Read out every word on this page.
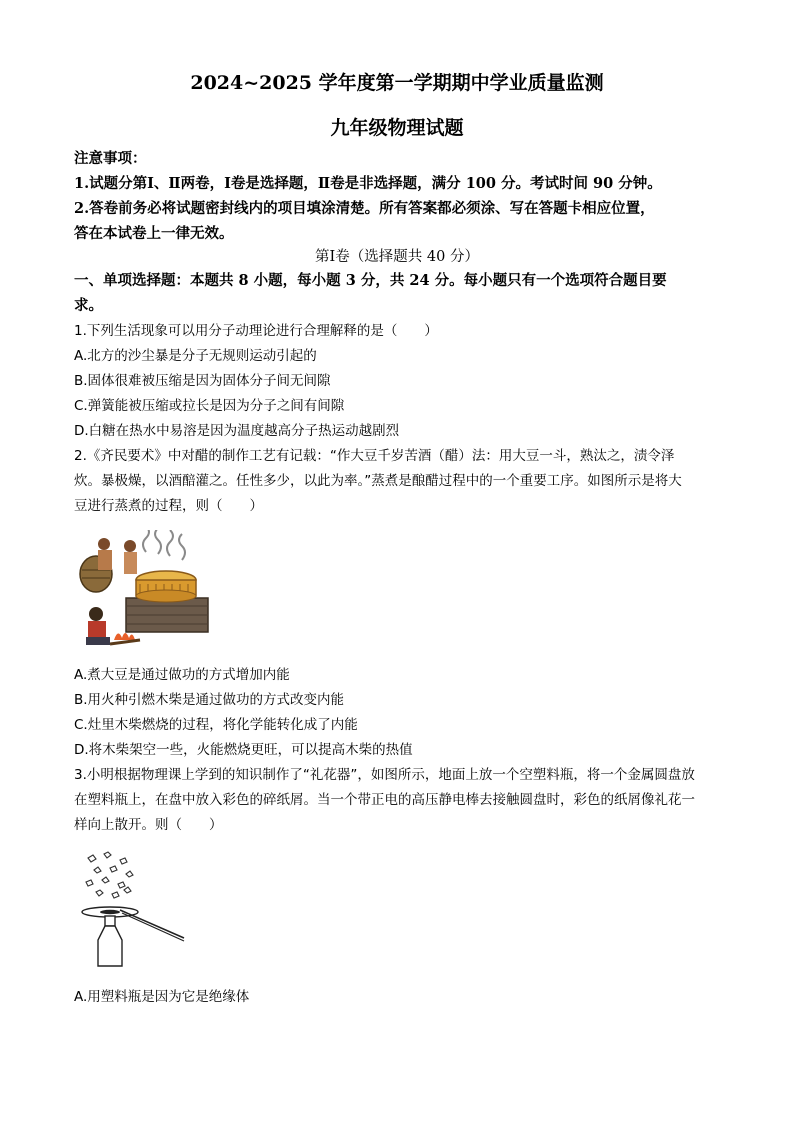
2024~2025 学年度第一学期期中学业质量监测
九年级物理试题
注意事项：
1.试题分第Ⅰ、Ⅱ两卷，Ⅰ卷是选择题，Ⅱ卷是非选择题，满分 100 分。考试时间 90 分钟。
2.答卷前务必将试题密封线内的项目填涂清楚。所有答案都必须涂、写在答题卡相应位置，
答在本试卷上一律无效。
第Ⅰ卷（选择题共 40 分）
一、单项选择题：本题共 8 小题，每小题 3 分，共 24 分。每小题只有一个选项符合题目要
求。
1.下列生活现象可以用分子动理论进行合理解释的是（　　）
A.北方的沙尘暴是分子无规则运动引起的
B.固体很难被压缩是因为固体分子间无间隙
C.弹簧能被压缩或拉长是因为分子之间有间隙
D.白糖在热水中易溶是因为温度越高分子热运动越剧烈
2.《齐民要术》中对醋的制作工艺有记载：“作大豆千岁苦酒（醋）法：用大豆一斗，熟汰之，渍令泽
炊。暴极燥，以酒醅灌之。任性多少，以此为率。”蒸煮是酿醋过程中的一个重要工序。如图所示是将大
豆进行蒸煮的过程，则（　　）
A.煮大豆是通过做功的方式增加内能
B.用火种引燃木柴是通过做功的方式改变内能
C.灶里木柴燃烧的过程，将化学能转化成了内能
D.将木柴架空一些，火能燃烧更旺，可以提高木柴的热值
3.小明根据物理课上学到的知识制作了“礼花器”，如图所示，地面上放一个空塑料瓶，将一个金属圆盘放
在塑料瓶上，在盘中放入彩色的碎纸屑。当一个带正电的高压静电棒去接触圆盘时，彩色的纸屑像礼花一
样向上散开。则（　　）
A.用塑料瓶是因为它是绝缘体
